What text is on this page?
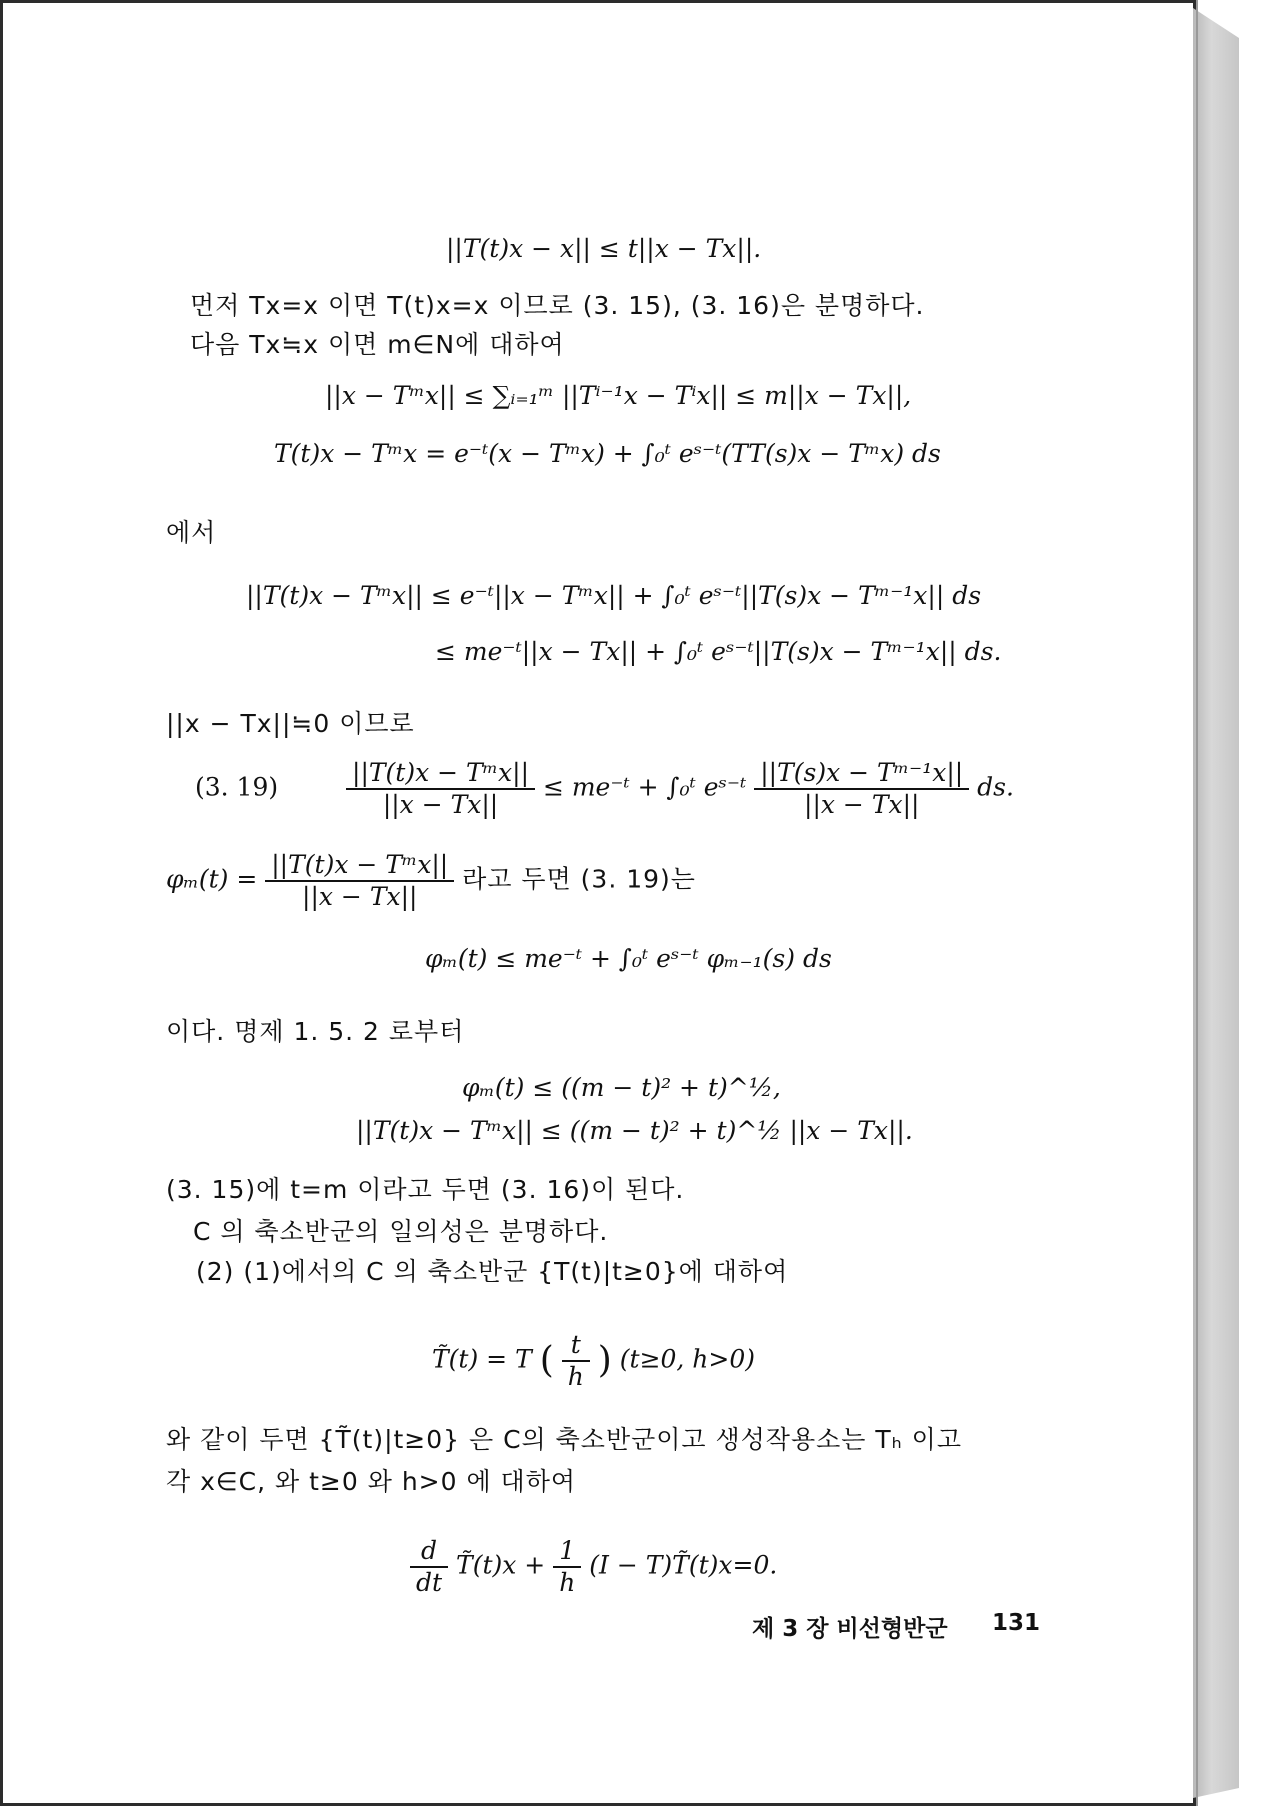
||T(t)x − x|| ≤ t||x − Tx||.
먼저 Tx=x 이면 T(t)x=x 이므로 (3. 15), (3. 16)은 분명하다.
다음 Tx≒x 이면 m∈N에 대하여
||x − Tᵐx|| ≤ ∑ᵢ₌₁ᵐ ||Tⁱ⁻¹x − Tⁱx|| ≤ m||x − Tx||,
T(t)x − Tᵐx = e⁻ᵗ(x − Tᵐx) + ∫₀ᵗ eˢ⁻ᵗ(TT(s)x − Tᵐx) ds
에서
||T(t)x − Tᵐx|| ≤ e⁻ᵗ||x − Tᵐx|| + ∫₀ᵗ eˢ⁻ᵗ||T(s)x − Tᵐ⁻¹x|| ds
≤ me⁻ᵗ||x − Tx|| + ∫₀ᵗ eˢ⁻ᵗ||T(s)x − Tᵐ⁻¹x|| ds.
||x − Tx||≒0 이므로
(3. 19)	$\frac{\text{||T(t)x − Tᵐx||}}{||x - Tx||}$ ≤ me⁻ᵗ + ∫₀ᵗ eˢ⁻ᵗ $\frac{\text{||T(s)x − Tᵐ⁻¹x||}}{||x - Tx||}$ ds.
$\varphi_m(t) = \frac{\text{||T(t)x − Tᵐx||}}{||x - Tx||}$ 라고 두면 (3. 19)는
φₘ(t) ≤ me⁻ᵗ + ∫₀ᵗ eˢ⁻ᵗ φₘ₋₁(s) ds
이다. 명제 1. 5. 2 로부터
φₘ(t) ≤ ((m − t)² + t)^½,
||T(t)x − Tᵐx|| ≤ ((m − t)² + t)^½ ||x − Tx||.
(3. 15)에 t=m 이라고 두면 (3. 16)이 된다.
C 의 축소반군의 일의성은 분명하다.
(2) (1)에서의 C 의 축소반군 {T(t)|t≥0}에 대하여
T̃(t) = T ( $\frac{t}{h}$ ) (t≥0, h>0)
와 같이 두면 {T̃(t)|t≥0} 은 C의 축소반군이고 생성작용소는 Tₕ 이고
각 x∈C, 와 t≥0 와 h>0 에 대하여
$\frac{d}{dt}$ T̃(t)x + $\frac{1}{h} (I$ − T)T̃(t)x=0.
제 3 장 비선형반군 131
